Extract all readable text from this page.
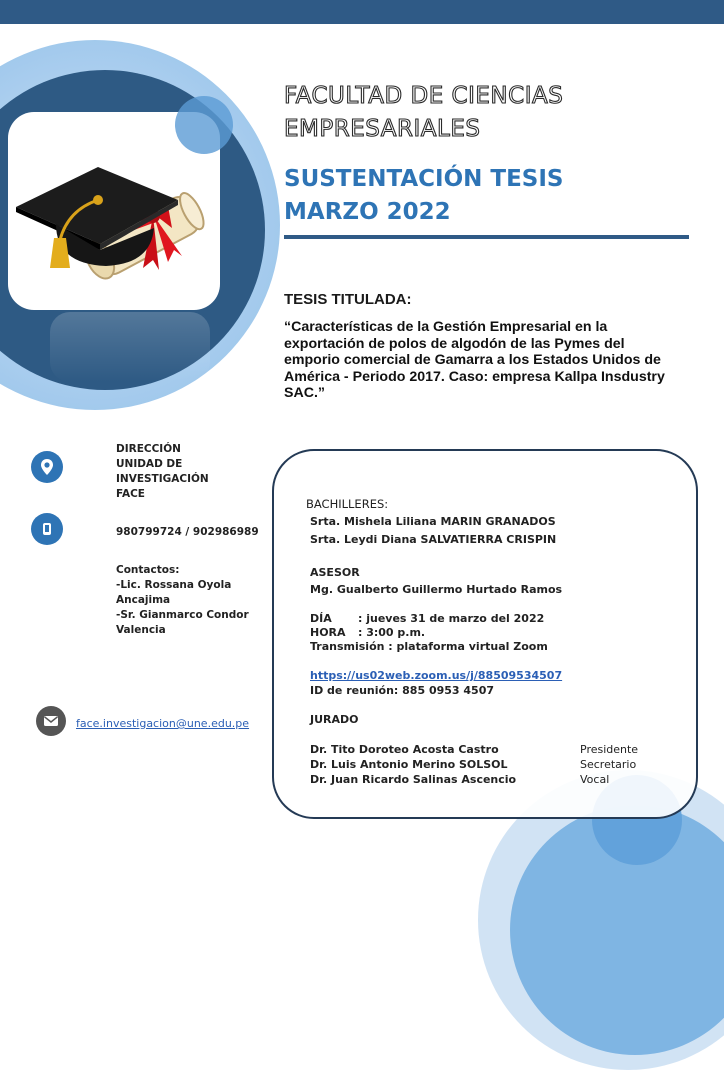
FACULTAD DE CIENCIAS
EMPRESARIALES
SUSTENTACIÓN TESIS
MARZO 2022
TESIS TITULADA:
“Características de la Gestión Empresarial en la exportación de polos de algodón de las Pymes del emporio comercial de Gamarra a los Estados Unidos de América - Periodo 2017. Caso: empresa Kallpa Insdustry SAC.”
DIRECCIÓN
UNIDAD DE
INVESTIGACIÓN
FACE
980799724 / 902986989
Contactos:
-Lic. Rossana Oyola
Ancajima
-Sr. Gianmarco Condor
Valencia
face.investigacion@une.edu.pe
BACHILLERES:
Srta. Mishela Liliana MARIN GRANADOS
Srta. Leydi Diana SALVATIERRA CRISPIN
ASESOR
Mg. Gualberto Guillermo Hurtado Ramos
DÍA : jueves 31 de marzo del 2022
HORA : 3:00 p.m.
Transmisión : plataforma virtual Zoom
https://us02web.zoom.us/j/88509534507
ID de reunión: 885 0953 4507
JURADO
Dr. Tito Doroteo Acosta Castro	Presidente
Dr. Luis Antonio Merino SOLSOL	Secretario
Dr. Juan Ricardo Salinas Ascencio	Vocal
